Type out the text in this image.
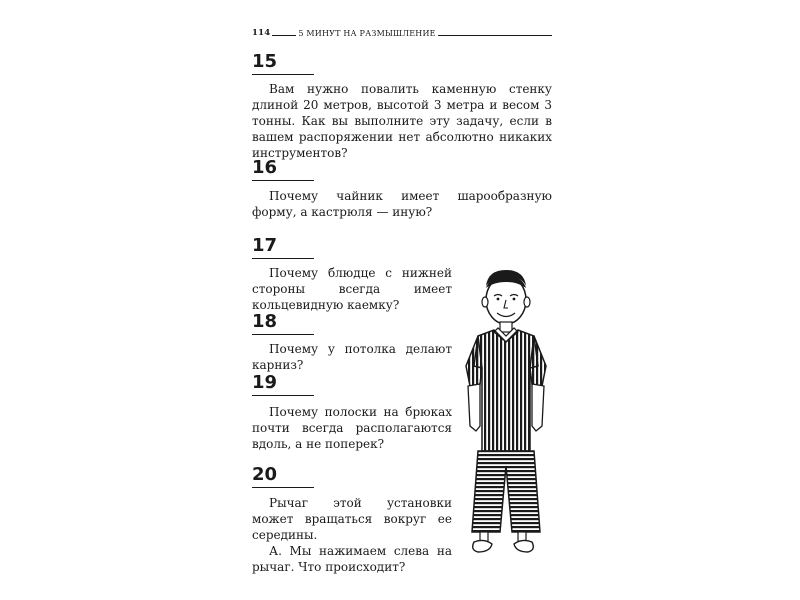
114	5 МИНУТ НА РАЗМЫШЛЕНИЕ
15

Вам нужно повалить каменную стенку длиной 20 метров, высотой 3 метра и весом 3 тонны. Как вы выполните эту задачу, если в вашем распоряжении нет абсолютно никаких инструментов?

16

Почему чайник имеет шарообразную форму, а кастрюля — иную?

17

Почему блюдце с нижней стороны всегда имеет кольцевидную каемку?

18

Почему у потолка делают карниз?

19

Почему полоски на брюках почти всегда располагаются вдоль, а не поперек?

20

Рычаг этой установки может вращаться вокруг ее середины.

А. Мы нажимаем слева на рычаг. Что происходит?
